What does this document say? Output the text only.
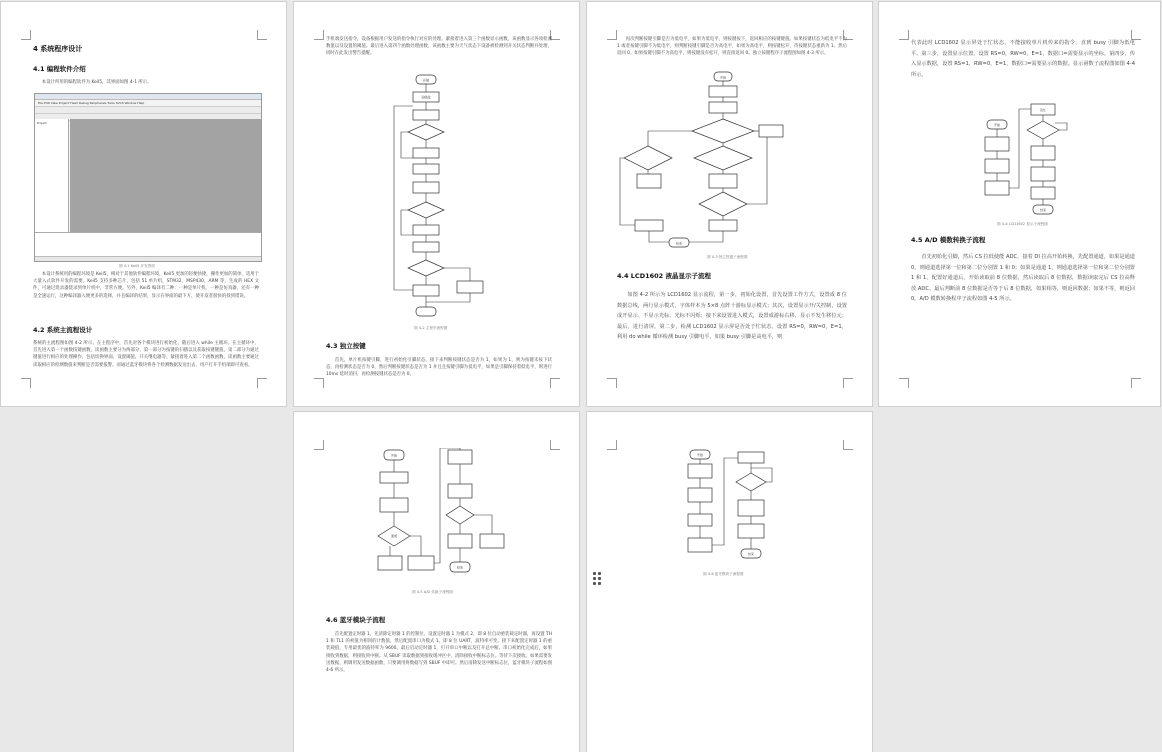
4 系统程序设计
4.1 编程软件介绍
本设计所用的编程软件为 Keil5，其界面如图 4-1 所示。
File Edit View Project Flash Debug Peripherals Tools SVCS Window Help
Project
图 4-1 Keil5 开发界面
本设计系统用的编程环境是 Keil5，相对于其他软件编程环境，Keil5 更加的轻便快捷，操作更加的简单，适用于大量入式软件开发的需要。Keil5 支持多种芯片，包括 51 单片机，STM32，MSP430，ARM 等，生成的 HEX 文件，可通过烧录器烧录到单片机中，非常方便。另外，Keil5 编译有二种：一种是单片机，一种是仿真器，还有一种是全速运行，这种编译器入便更多的选择，并且编译的结果，显示在界面的最下方，使开发者很快的找到错误。
4.2 系统主流程设计
系统的主流程图如图 4-2 所示。在主程序中，首先对各个模块进行初始化，随后进入 while 主循环。在主循环中，首先进入第一个函数按键函数，读函数主要分为两部分，第一部分为按键的扫描以及获取按键键值，第二部分为通过键值进行相应的处理操作，包括切换界面、设置阈值、开关继电器等。紧接着进入第二个函数函数，读函数主要通过读取相应的检测数值来判断是否需要报警。而通过蓝牙模块将各个检测数据发送出去，用户打开手机端即可查看。
手机端发送指令，设备根据用户发送的指令执行对应的处理。紧接着进入第三个函数显示函数，该函数显示各项检测数值以及设置的阈值。最后进入第四个函数处理函数，该函数主要为天气状态下设备被检测到开关状态判断并处理，同时在此发出警告提醒。
开始
初始化
图 4-2 主程序流程图
4.3 独立按键
首先，单片机按键引脚，进行初始化引脚状态，接下来判断按键状态是否为 1，如果为 1，则为按键未按下状态，再检测状态是否为 0，然后判断按键状态是否为 1 并且且按键引脚为低电平，如果是引脚保持着低电平，则进行 10ms 延时消抖，再检测按键状态是否为 0。
再次判断按键引脚是否为低电平，如果为低电平，则按键按下，返回相应的按键键值。如果按键状态为低电平不为 1 或者按键引脚不为低电平，则判断按键引脚是否为高电平，如果为高电平，则按键松开，待按键状态重新为 1。然后返回 0。如果按键引脚不为高电平，则按键没有松开，则直接返回 0。独立按键程序子流程图如图 4-3 所示。
开始
结束
图 4-3 独立按键子流程图
4.4 LCD1602 液晶显示子流程
如图 4-2 所示为 LCD1602 显示流程，第一步，初始化设置，首先设置工作方式，设置成 8 位数据总线，两行显示模式，字体样本为 5×8 点阵十游标显示模式；其次，设置显示开/关控制，设置成开显示、不显示光标、光标不闪烁；接下来设置进入模式，设置成游标右移，显示不发生移位元；最后，进行清屏。第二步，检测 LCD1602 显示屏是否处于忙状态，设置 RS=0，RW=0，E=1，利用 do while 循环检测 busy 引脚电平，如果 busy 引脚是高电平，则
代表此时 LCD1602 显示屏处于忙状态，不能接收单片机传来的指令，直到 busy 引脚为低电平。第三步，设置显示位置，设置 RS=0，RW=0，E=1，数据口=需要显示的坐标。第四步，传入显示数据，设置 RS=1，RW=0，E=1，数据口=需要显示的数据。显示函数子流程图如图 4-4 所示。
开始
读忙
结束
图 4-4 LCD1602 显示子流程图
4.5 A/D 模数转换子流程
首先初始化引脚，然后 CS 拉低使能 ADC，接着 DI 拉高开始转换，先配置通道，如果是通道 0，则通道选择第一位和第二位分别置 1 和 0；如果是通道 1，则通道选择第一位和第二位分别置 1 和 1。配置好通道后，开始读取前 8 位数据，然后读取后 8 位数据，数据读取完后 CS 拉高释放 ADC。最后判断前 8 位数据是否等于后 8 位数据，如果相等，则返回数据；如果不等，则返回 0。A/D 模数转换程序子流程如图 4-5 所示。
开始
通道
结束
图 4-5 A/D 转换子流程图
4.6 蓝牙模块子流程
首先配置定时器 1，先清除定时器 1 的控制位，设置定时器 1 为模式 2，即 8 位自动重装载定时器，再设置 TH1 和 TL1 的初值为相同的计数值，然后配置串口为模式 1，即 8 位 UART，波特率可变。接下来配置定时器 1 的重装载值，专用最优的波特率为 9600。最后启动定时器 1，打开串口中断以及打开总中断。串口初始化完成后，如果接收到数据，则接收到中断。从 SBUF 读取数据到接收缓冲区中，清除接收中断标志位。等待下次接收。如果需要发送数据，则调用发送数据函数，只要调用将数据写到 SBUF 中即可。然后清除发送中断标志位，蓝牙模块子流程如图 4-6 所示。
开始
结束
图 4-6 蓝牙模块子流程图
